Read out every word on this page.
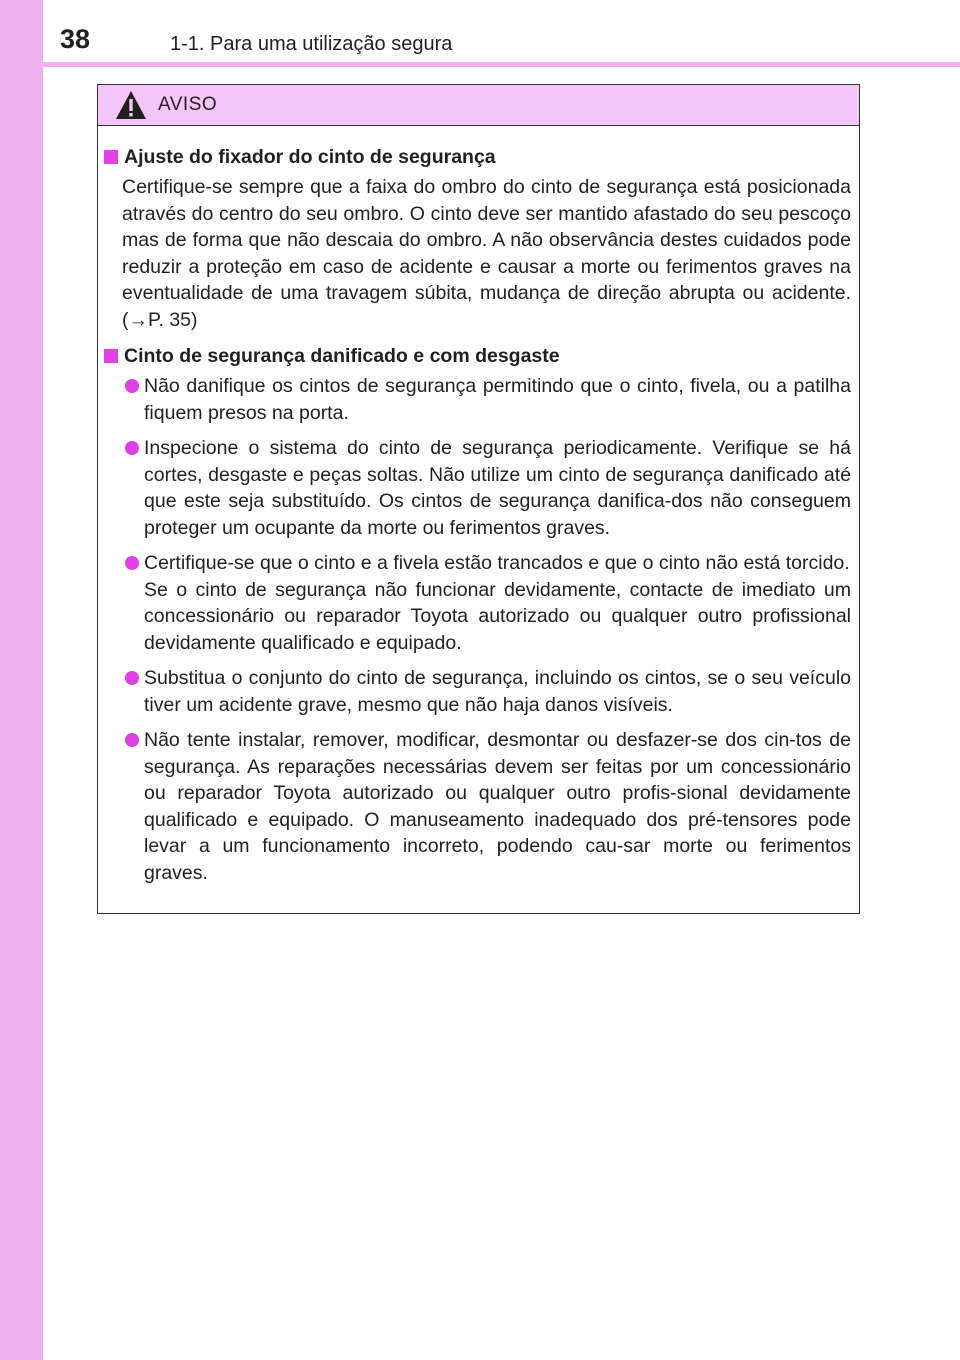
38	1-1. Para uma utilização segura
AVISO
Ajuste do fixador do cinto de segurança

Certifique-se sempre que a faixa do ombro do cinto de segurança está posicionada através do centro do seu ombro. O cinto deve ser mantido afastado do seu pescoço mas de forma que não descaia do ombro. A não observância destes cuidados pode reduzir a proteção em caso de acidente e causar a morte ou ferimentos graves na eventualidade de uma travagem súbita, mudança de direção abrupta ou acidente. (→P. 35)

Cinto de segurança danificado e com desgaste
Não danifique os cintos de segurança permitindo que o cinto, fivela, ou a patilha fiquem presos na porta.
Inspecione o sistema do cinto de segurança periodicamente. Verifique se há cortes, desgaste e peças soltas. Não utilize um cinto de segurança danificado até que este seja substituído. Os cintos de segurança danifica-dos não conseguem proteger um ocupante da morte ou ferimentos graves.
Certifique-se que o cinto e a fivela estão trancados e que o cinto não está torcido.
Se o cinto de segurança não funcionar devidamente, contacte de imediato um concessionário ou reparador Toyota autorizado ou qualquer outro profissional devidamente qualificado e equipado.
Substitua o conjunto do cinto de segurança, incluindo os cintos, se o seu veículo tiver um acidente grave, mesmo que não haja danos visíveis.
Não tente instalar, remover, modificar, desmontar ou desfazer-se dos cin-tos de segurança. As reparações necessárias devem ser feitas por um concessionário ou reparador Toyota autorizado ou qualquer outro profis-sional devidamente qualificado e equipado. O manuseamento inadequado dos pré-tensores pode levar a um funcionamento incorreto, podendo cau-sar morte ou ferimentos graves.
